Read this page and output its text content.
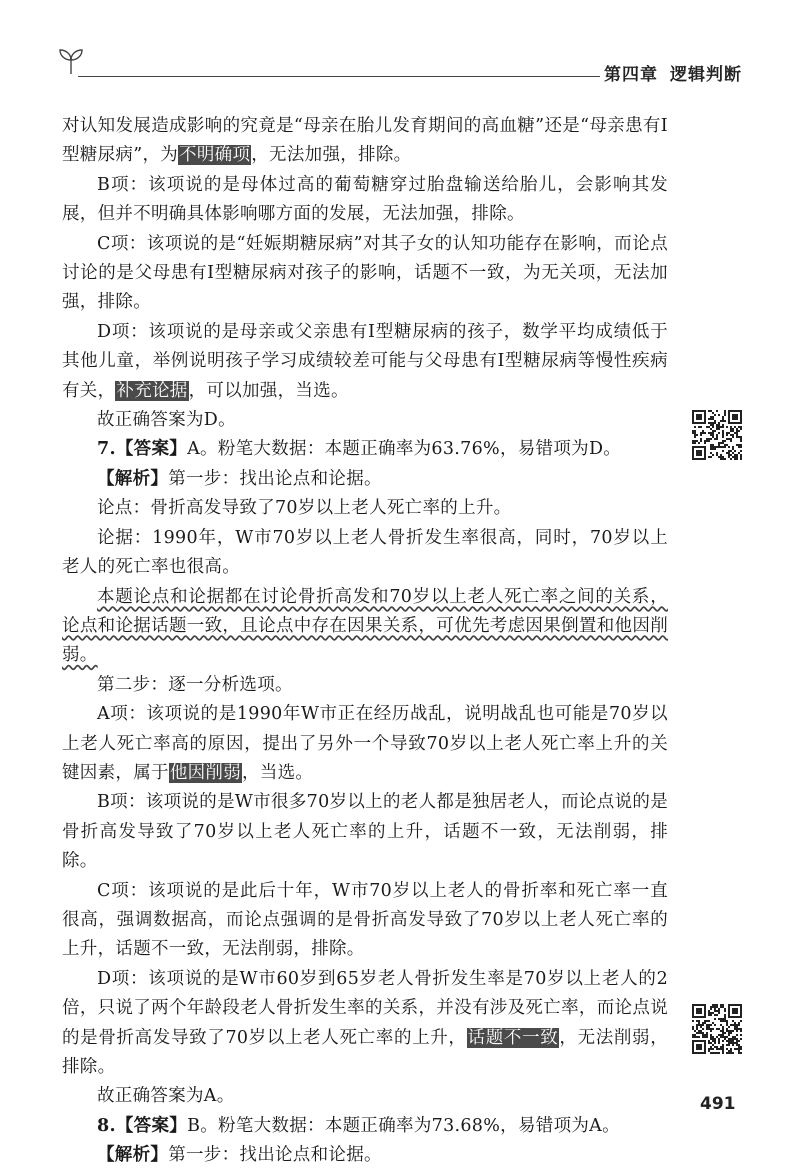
第四章 逻辑判断

对认知发展造成影响的究竟是“母亲在胎儿发育期间的高血糖”还是“母亲患有Ⅰ型糖尿病”，为不明确项，无法加强，排除。

B项：该项说的是母体过高的葡萄糖穿过胎盘输送给胎儿，会影响其发展，但并不明确具体影响哪方面的发展，无法加强，排除。

C项：该项说的是“妊娠期糖尿病”对其子女的认知功能存在影响，而论点讨论的是父母患有Ⅰ型糖尿病对孩子的影响，话题不一致，为无关项，无法加强，排除。

D项：该项说的是母亲或父亲患有Ⅰ型糖尿病的孩子，数学平均成绩低于其他儿童，举例说明孩子学习成绩较差可能与父母患有Ⅰ型糖尿病等慢性疾病有关，补充论据，可以加强，当选。

故正确答案为D。

7.【答案】A。粉笔大数据：本题正确率为63.76%，易错项为D。

【解析】第一步：找出论点和论据。

论点：骨折高发导致了70岁以上老人死亡率的上升。

论据：1990年，W市70岁以上老人骨折发生率很高，同时，70岁以上老人的死亡率也很高。

本题论点和论据都在讨论骨折高发和70岁以上老人死亡率之间的关系，论点和论据话题一致，且论点中存在因果关系，可优先考虑因果倒置和他因削弱。

第二步：逐一分析选项。

A项：该项说的是1990年W市正在经历战乱，说明战乱也可能是70岁以上老人死亡率高的原因，提出了另外一个导致70岁以上老人死亡率上升的关键因素，属于他因削弱，当选。

B项：该项说的是W市很多70岁以上的老人都是独居老人，而论点说的是骨折高发导致了70岁以上老人死亡率的上升，话题不一致，无法削弱，排除。

C项：该项说的是此后十年，W市70岁以上老人的骨折率和死亡率一直很高，强调数据高，而论点强调的是骨折高发导致了70岁以上老人死亡率的上升，话题不一致，无法削弱，排除。

D项：该项说的是W市60岁到65岁老人骨折发生率是70岁以上老人的2倍，只说了两个年龄段老人骨折发生率的关系，并没有涉及死亡率，而论点说的是骨折高发导致了70岁以上老人死亡率的上升，话题不一致，无法削弱，排除。

故正确答案为A。

8.【答案】B。粉笔大数据：本题正确率为73.68%，易错项为A。

【解析】第一步：找出论点和论据。

491
